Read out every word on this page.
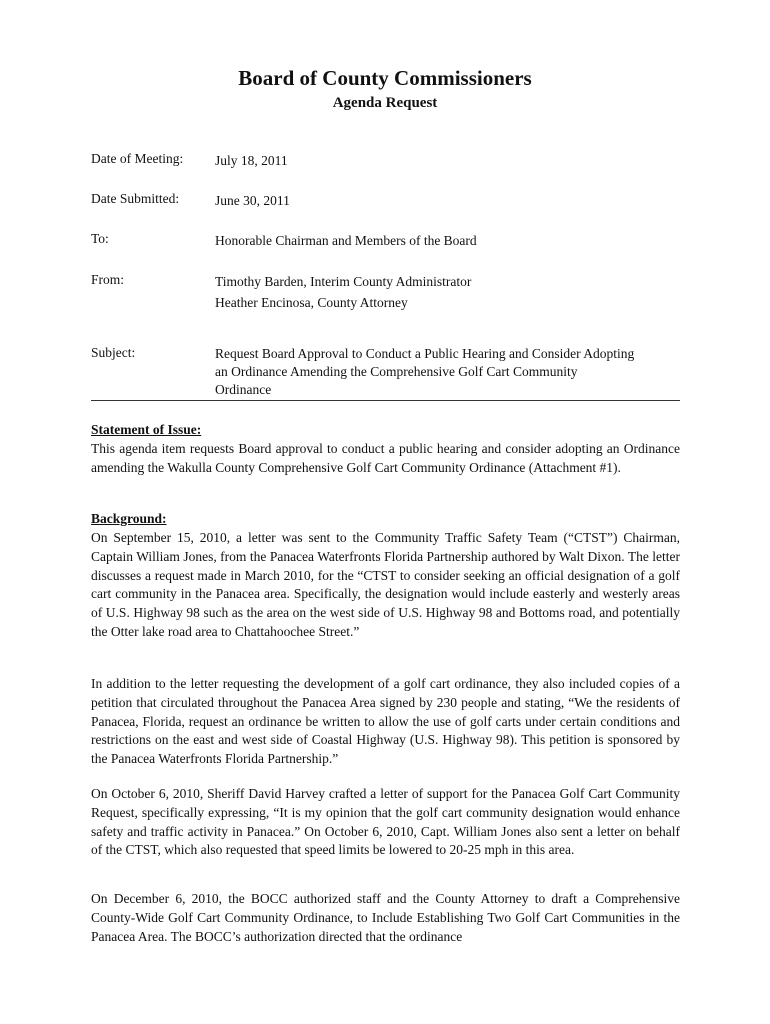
Board of County Commissioners
Agenda Request
Date of Meeting: July 18, 2011
Date Submitted:	June 30, 2011
To:	Honorable Chairman and Members of the Board
From:	Timothy Barden, Interim County Administrator
Heather Encinosa, County Attorney
Subject:	Request Board Approval to Conduct a Public Hearing and Consider Adopting an Ordinance Amending the Comprehensive Golf Cart Community Ordinance
Statement of Issue:
This agenda item requests Board approval to conduct a public hearing and consider adopting an Ordinance amending the Wakulla County Comprehensive Golf Cart Community Ordinance (Attachment #1).
Background:
On September 15, 2010, a letter was sent to the Community Traffic Safety Team (“CTST”) Chairman, Captain William Jones, from the Panacea Waterfronts Florida Partnership authored by Walt Dixon. The letter discusses a request made in March 2010, for the “CTST to consider seeking an official designation of a golf cart community in the Panacea area. Specifically, the designation would include easterly and westerly areas of U.S. Highway 98 such as the area on the west side of U.S. Highway 98 and Bottoms road, and potentially the Otter lake road area to Chattahoochee Street.”
In addition to the letter requesting the development of a golf cart ordinance, they also included copies of a petition that circulated throughout the Panacea Area signed by 230 people and stating, “We the residents of Panacea, Florida, request an ordinance be written to allow the use of golf carts under certain conditions and restrictions on the east and west side of Coastal Highway (U.S. Highway 98). This petition is sponsored by the Panacea Waterfronts Florida Partnership.”
On October 6, 2010, Sheriff David Harvey crafted a letter of support for the Panacea Golf Cart Community Request, specifically expressing, “It is my opinion that the golf cart community designation would enhance safety and traffic activity in Panacea.” On October 6, 2010, Capt. William Jones also sent a letter on behalf of the CTST, which also requested that speed limits be lowered to 20-25 mph in this area.
On December 6, 2010, the BOCC authorized staff and the County Attorney to draft a Comprehensive County-Wide Golf Cart Community Ordinance, to Include Establishing Two Golf Cart Communities in the Panacea Area. The BOCC’s authorization directed that the ordinance
